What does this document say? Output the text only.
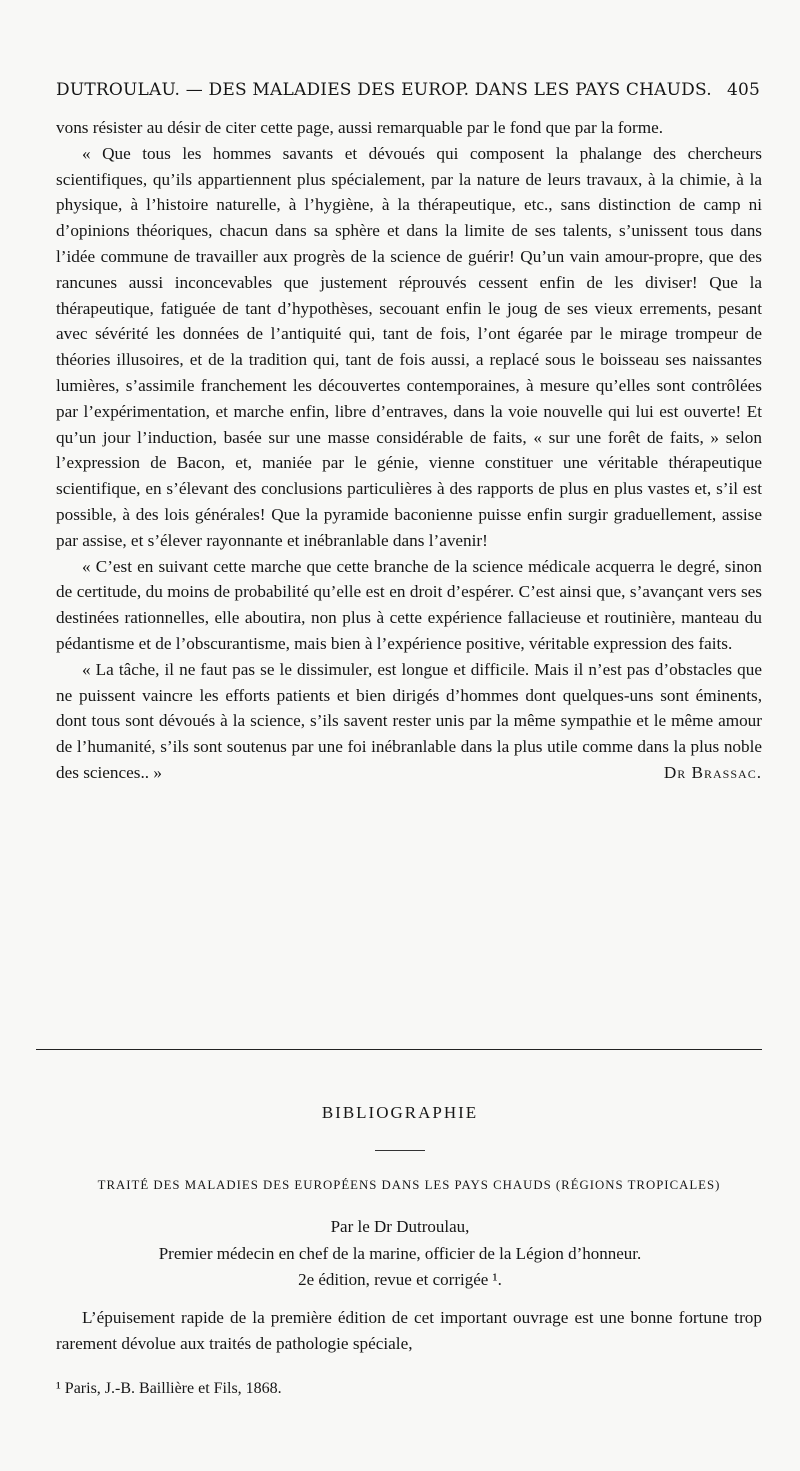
DUTROULAU. — DES MALADIES DES EUROP. DANS LES PAYS CHAUDS. 405

vons résister au désir de citer cette page, aussi remarquable par le fond que par la forme.

« Que tous les hommes savants et dévoués qui composent la phalange des chercheurs scientifiques, qu’ils appartiennent plus spécialement, par la nature de leurs travaux, à la chimie, à la physique, à l’histoire naturelle, à l’hygiène, à la thérapeutique, etc., sans distinction de camp ni d’opinions théoriques, chacun dans sa sphère et dans la limite de ses talents, s’unissent tous dans l’idée commune de travailler aux progrès de la science de guérir! Qu’un vain amour-propre, que des rancunes aussi inconcevables que justement réprouvés cessent enfin de les diviser! Que la thérapeutique, fatiguée de tant d’hypothèses, secouant enfin le joug de ses vieux errements, pesant avec sévérité les données de l’antiquité qui, tant de fois, l’ont égarée par le mirage trompeur de théories illusoires, et de la tradition qui, tant de fois aussi, a replacé sous le boisseau ses naissantes lumières, s’assimile franchement les découvertes contemporaines, à mesure qu’elles sont contrôlées par l’expérimentation, et marche enfin, libre d’entraves, dans la voie nouvelle qui lui est ouverte! Et qu’un jour l’induction, basée sur une masse considérable de faits, « sur une forêt de faits, » selon l’expression de Bacon, et, maniée par le génie, vienne constituer une véritable thérapeutique scientifique, en s’élevant des conclusions particulières à des rapports de plus en plus vastes et, s’il est possible, à des lois générales! Que la pyramide baconienne puisse enfin surgir graduellement, assise par assise, et s’élever rayonnante et inébranlable dans l’avenir!

« C’est en suivant cette marche que cette branche de la science médicale acquerra le degré, sinon de certitude, du moins de probabilité qu’elle est en droit d’espérer. C’est ainsi que, s’avançant vers ses destinées rationnelles, elle aboutira, non plus à cette expérience fallacieuse et routinière, manteau du pédantisme et de l’obscurantisme, mais bien à l’expérience positive, véritable expression des faits.

« La tâche, il ne faut pas se le dissimuler, est longue et difficile. Mais il n’est pas d’obstacles que ne puissent vaincre les efforts patients et bien dirigés d’hommes dont quelques-uns sont éminents, dont tous sont dévoués à la science, s’ils savent rester unis par la même sympathie et le même amour de l’humanité, s’ils sont soutenus par une foi inébranlable dans la plus utile comme dans la plus noble des sciences.. »	Dr Brassac.

BIBLIOGRAPHIE
TRAITÉ DES MALADIES DES EUROPÉENS DANS LES PAYS CHAUDS (RÉGIONS TROPICALES)
Par le Dr Dutroulau,
Premier médecin en chef de la marine, officier de la Légion d’honneur.
2e édition, revue et corrigée ¹.
L’épuisement rapide de la première édition de cet important ouvrage est une bonne fortune trop rarement dévolue aux traités de pathologie spéciale,
¹ Paris, J.-B. Baillière et Fils, 1868.
